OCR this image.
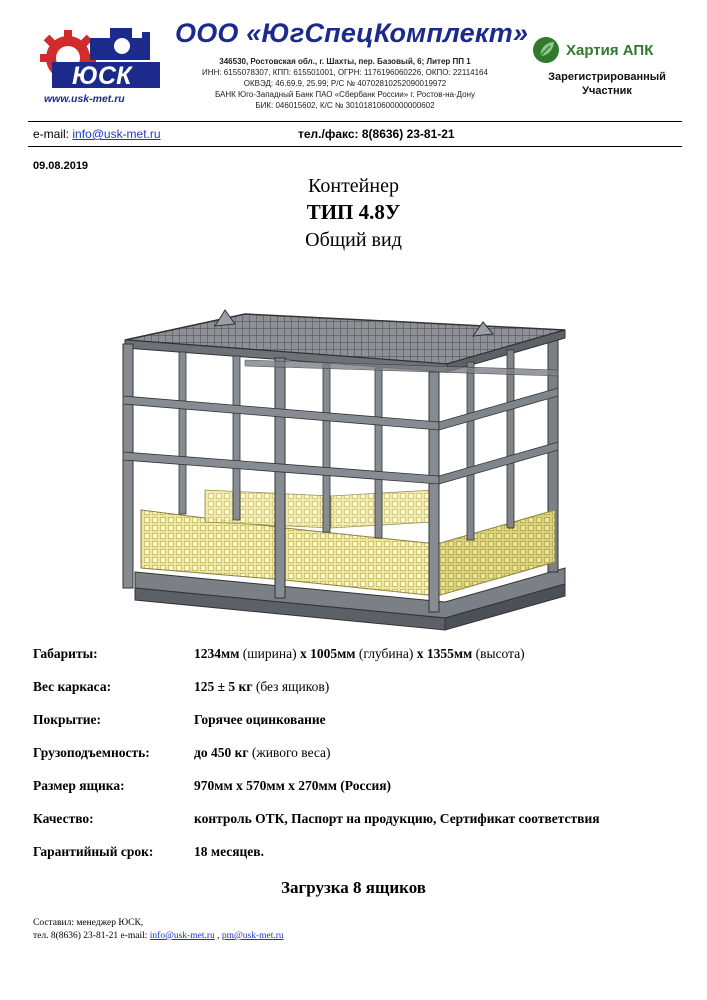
ЮСК
www.usk-met.ru
ООО «ЮгСпецКомплект»
346530, Ростовская обл., г. Шахты, пер. Базовый, 6; Литер ПП 1
ИНН: 6155078307, КПП: 615501001, ОГРН: 1176196060226, ОКПО: 22114164
ОКВЭД: 46.69.9, 25.99; Р/С № 40702810252090019972
БАНК Юго-Западный Банк ПАО «Сбербанк России» г. Ростов-на-Дону
БИК: 046015602, К/С № 30101810600000000602
Хартия АПК
Зарегистрированный
Участник
e-mail: info@usk-met.ru	тел./факс: 8(8636) 23-81-21
09.08.2019
Контейнер
ТИП 4.8У
Общий вид
Габариты:	1234мм (ширина) x 1005мм (глубина) x 1355мм (высота)
Вес каркаса:	125 ± 5 кг (без ящиков)
Покрытие:	Горячее оцинкование
Грузоподъемность:	до 450 кг (живого веса)
Размер ящика:	970мм x 570мм x 270мм (Россия)
Качество:	контроль ОТК, Паспорт на продукцию, Сертификат соответствия
Гарантийный срок:	18 месяцев.
Загрузка 8 ящиков
Составил: менеджер ЮСК,
тел. 8(8636) 23-81-21 e-mail: info@usk-met.ru , pm@usk-met.ru
